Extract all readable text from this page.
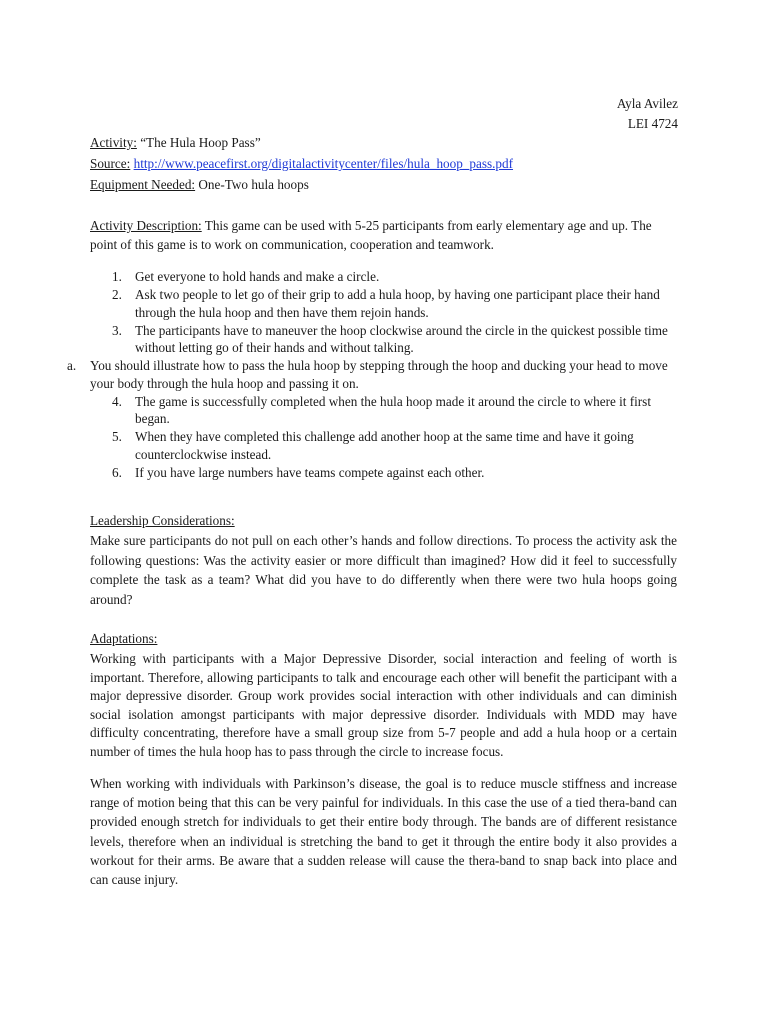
Ayla Avilez
LEI 4724
Activity: “The Hula Hoop Pass”
Source: http://www.peacefirst.org/digitalactivitycenter/files/hula_hoop_pass.pdf
Equipment Needed: One-Two hula hoops
Activity Description: This game can be used with 5-25 participants from early elementary age and up. The point of this game is to work on communication, cooperation and teamwork.
1. Get everyone to hold hands and make a circle.
2. Ask two people to let go of their grip to add a hula hoop, by having one participant place their hand through the hula hoop and then have them rejoin hands.
3. The participants have to maneuver the hoop clockwise around the circle in the quickest possible time without letting go of their hands and without talking.
a. You should illustrate how to pass the hula hoop by stepping through the hoop and ducking your head to move your body through the hula hoop and passing it on.
4. The game is successfully completed when the hula hoop made it around the circle to where it first began.
5. When they have completed this challenge add another hoop at the same time and have it going counterclockwise instead.
6. If you have large numbers have teams compete against each other.
Leadership Considerations:
Make sure participants do not pull on each other’s hands and follow directions. To process the activity ask the following questions: Was the activity easier or more difficult than imagined? How did it feel to successfully complete the task as a team? What did you have to do differently when there were two hula hoops going around?
Adaptations:
Working with participants with a Major Depressive Disorder, social interaction and feeling of worth is important. Therefore, allowing participants to talk and encourage each other will benefit the participant with a major depressive disorder. Group work provides social interaction with other individuals and can diminish social isolation amongst participants with major depressive disorder. Individuals with MDD may have difficulty concentrating, therefore have a small group size from 5-7 people and add a hula hoop or a certain number of times the hula hoop has to pass through the circle to increase focus.
When working with individuals with Parkinson’s disease, the goal is to reduce muscle stiffness and increase range of motion being that this can be very painful for individuals. In this case the use of a tied thera-band can provided enough stretch for individuals to get their entire body through. The bands are of different resistance levels, therefore when an individual is stretching the band to get it through the entire body it also provides a workout for their arms. Be aware that a sudden release will cause the thera-band to snap back into place and can cause injury.
